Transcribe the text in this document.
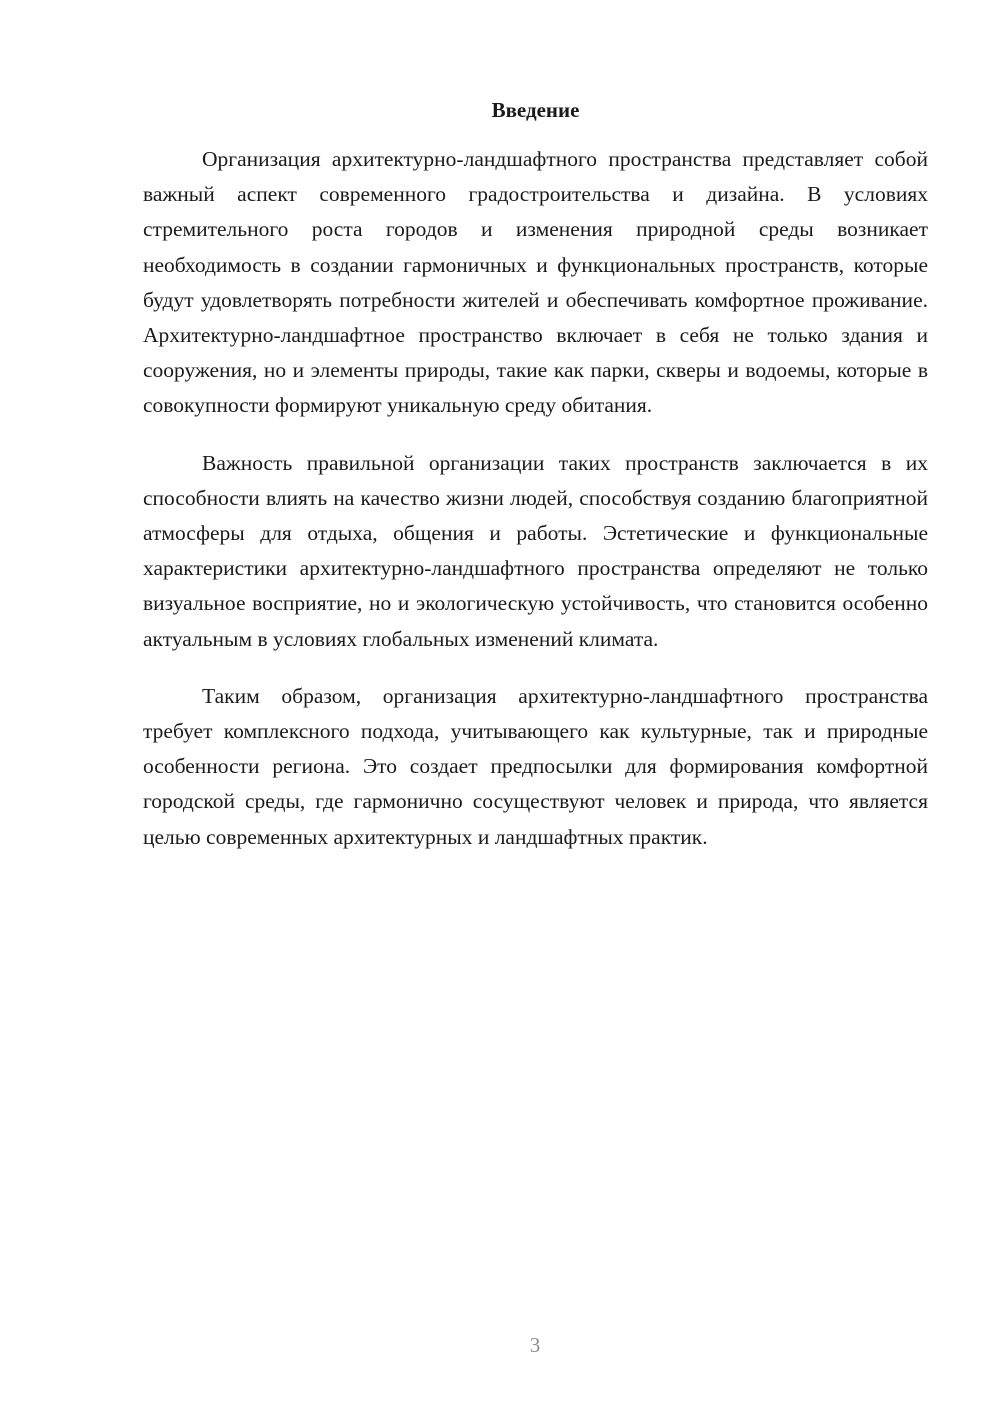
Введение

Организация архитектурно-ландшафтного пространства представляет собой важный аспект современного градостроительства и дизайна. В условиях стремительного роста городов и изменения природной среды возникает необходимость в создании гармоничных и функциональных пространств, которые будут удовлетворять потребности жителей и обеспечивать комфортное проживание. Архитектурно-ландшафтное пространство включает в себя не только здания и сооружения, но и элементы природы, такие как парки, скверы и водоемы, которые в совокупности формируют уникальную среду обитания.

Важность правильной организации таких пространств заключается в их способности влиять на качество жизни людей, способствуя созданию благоприятной атмосферы для отдыха, общения и работы. Эстетические и функциональные характеристики архитектурно-ландшафтного пространства определяют не только визуальное восприятие, но и экологическую устойчивость, что становится особенно актуальным в условиях глобальных изменений климата.

Таким образом, организация архитектурно-ландшафтного пространства требует комплексного подхода, учитывающего как культурные, так и природные особенности региона. Это создает предпосылки для формирования комфортной городской среды, где гармонично сосуществуют человек и природа, что является целью современных архитектурных и ландшафтных практик.

3
